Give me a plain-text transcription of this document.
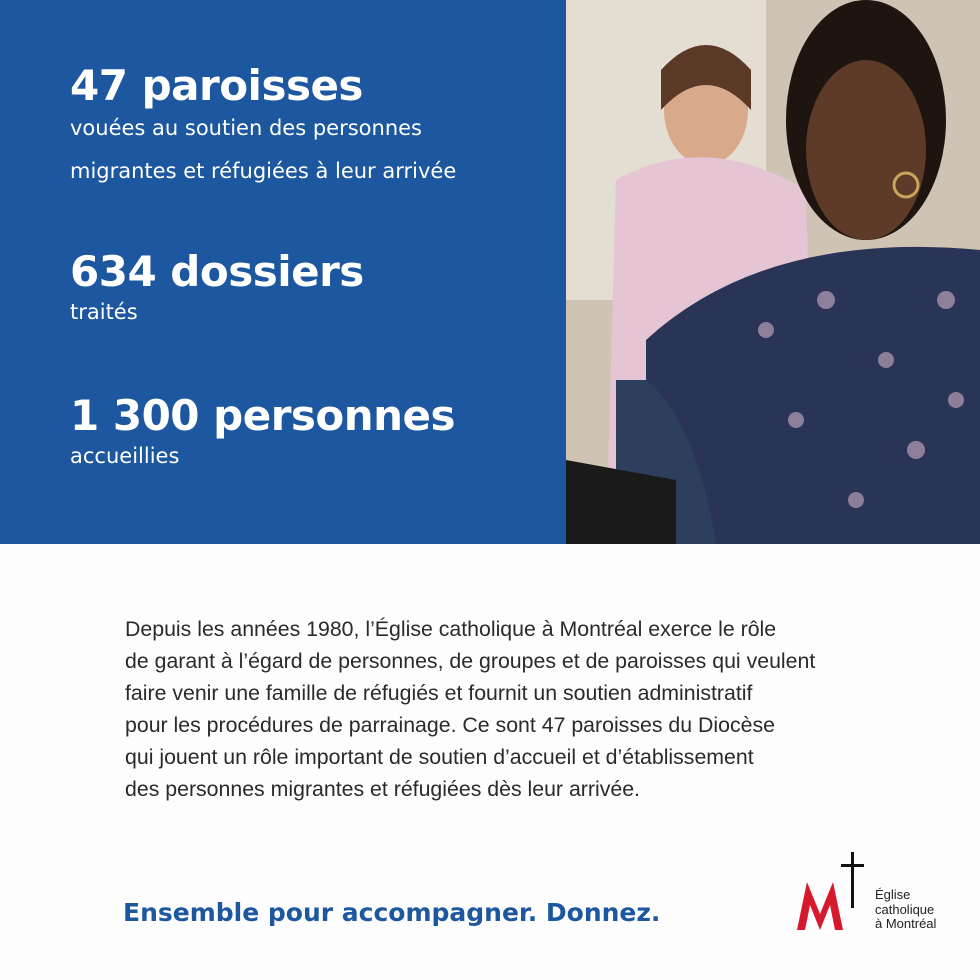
47 paroisses
vouées au soutien des personnes
migrantes et réfugiées à leur arrivée
634 dossiers
traités
1 300 personnes
accueillies
Depuis les années 1980, l’Église catholique à Montréal exerce le rôle
de garant à l’égard de personnes, de groupes et de paroisses qui veulent
faire venir une famille de réfugiés et fournit un soutien administratif
pour les procédures de parrainage. Ce sont 47 paroisses du Diocèse
qui jouent un rôle important de soutien d’accueil et d’établissement
des personnes migrantes et réfugiées dès leur arrivée.
Ensemble pour accompagner. Donnez.
Église
catholique
à Montréal
